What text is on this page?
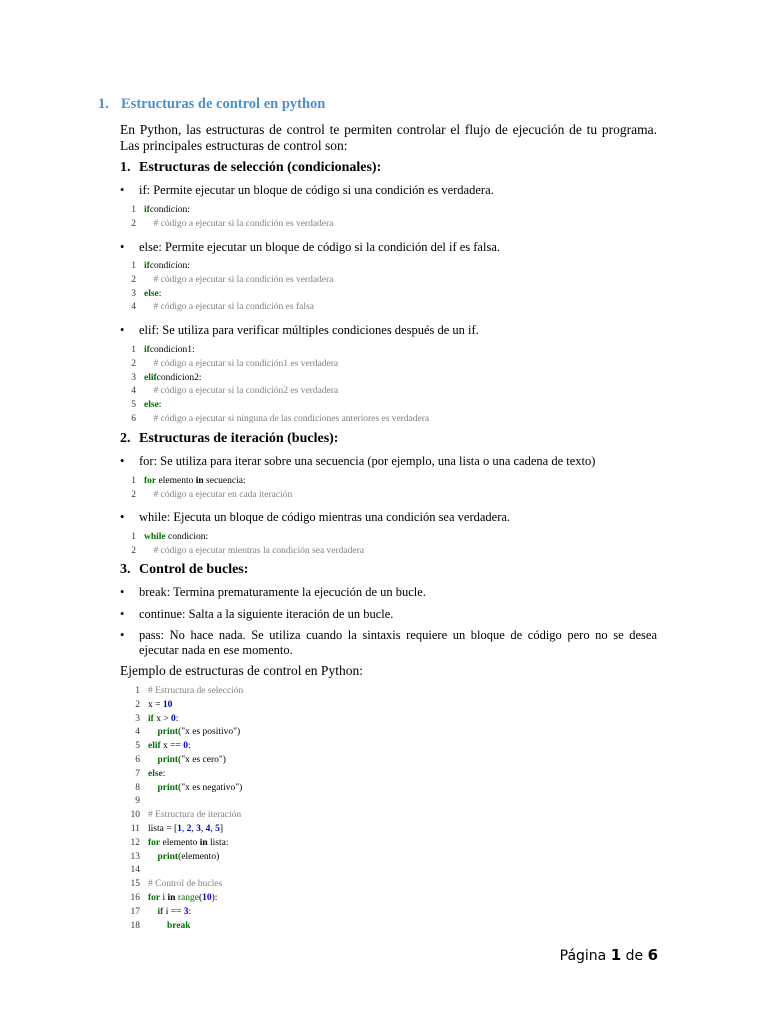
1. Estructuras de control en python
En Python, las estructuras de control te permiten controlar el flujo de ejecución de tu programa. Las principales estructuras de control son:
1. Estructuras de selección (condicionales):
•	if: Permite ejecutar un bloque de código si una condición es verdadera.
1 ifcondicion:
2	# código a ejecutar si la condición es verdadera
•	else: Permite ejecutar un bloque de código si la condición del if es falsa.
1 ifcondicion:
2	# código a ejecutar si la condición es verdadera
3 else:
4	# código a ejecutar si la condición es falsa
•	elif: Se utiliza para verificar múltiples condiciones después de un if.
1 ifcondicion1:
2	# código a ejecutar si la condición1 es verdadera
3 elifcondicion2:
4	# código a ejecutar si la condición2 es verdadera
5 else:
6	# código a ejecutar si ninguna de las condiciones anteriores es verdadera
2. Estructuras de iteración (bucles):
•	for: Se utiliza para iterar sobre una secuencia (por ejemplo, una lista o una cadena de texto)
1 for elemento in secuencia:
2	# código a ejecutar en cada iteración
•	while: Ejecuta un bloque de código mientras una condición sea verdadera.
1 while condicion:
2	# código a ejecutar mientras la condición sea verdadera
3. Control de bucles:
•	break: Termina prematuramente la ejecución de un bucle.
•	continue: Salta a la siguiente iteración de un bucle.
•	pass: No hace nada. Se utiliza cuando la sintaxis requiere un bloque de código pero no se desea ejecutar nada en ese momento.
Ejemplo de estructuras de control en Python:
1 # Estructura de selección
2 x = 10
3 if x > 0:
4	print("x es positivo")
5 elif x == 0:
6	print("x es cero")
7 else:
8	print("x es negativo")
9
10 # Estructura de iteración
11 lista = [1, 2, 3, 4, 5]
12 for elemento in lista:
13	print(elemento)
14
15 # Control de bucles
16 for i in range(10):
17	if i == 3:
18	break
Página 1 de 6
